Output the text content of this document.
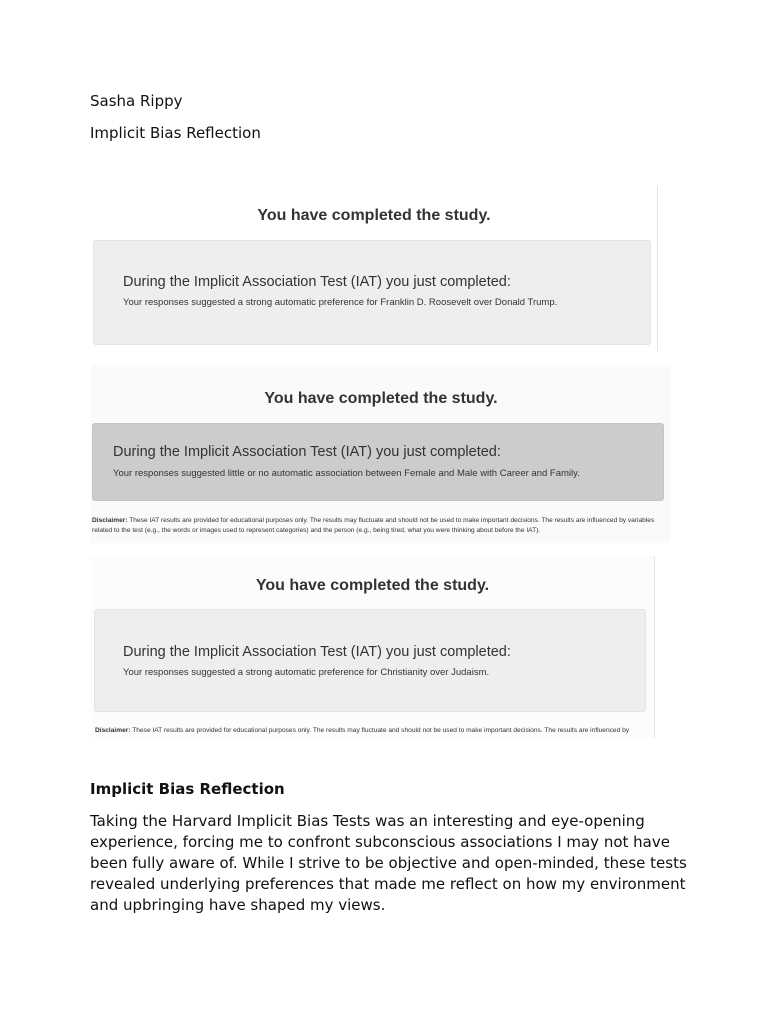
Sasha Rippy
Implicit Bias Reflection
You have completed the study.
During the Implicit Association Test (IAT) you just completed:
Your responses suggested a strong automatic preference for Franklin D. Roosevelt over Donald Trump.
You have completed the study.
During the Implicit Association Test (IAT) you just completed:
Your responses suggested little or no automatic association between Female and Male with Career and Family.
Disclaimer: These IAT results are provided for educational purposes only. The results may fluctuate and should not be used to make important decisions. The results are influenced by variables related to the test (e.g., the words or images used to represent categories) and the person (e.g., being tired, what you were thinking about before the IAT).
You have completed the study.
During the Implicit Association Test (IAT) you just completed:
Your responses suggested a strong automatic preference for Christianity over Judaism.
Disclaimer: These IAT results are provided for educational purposes only. The results may fluctuate and should not be used to make important decisions. The results are influenced by
Implicit Bias Reflection
Taking the Harvard Implicit Bias Tests was an interesting and eye-opening experience, forcing me to confront subconscious associations I may not have been fully aware of. While I strive to be objective and open-minded, these tests revealed underlying preferences that made me reflect on how my environment and upbringing have shaped my views.
